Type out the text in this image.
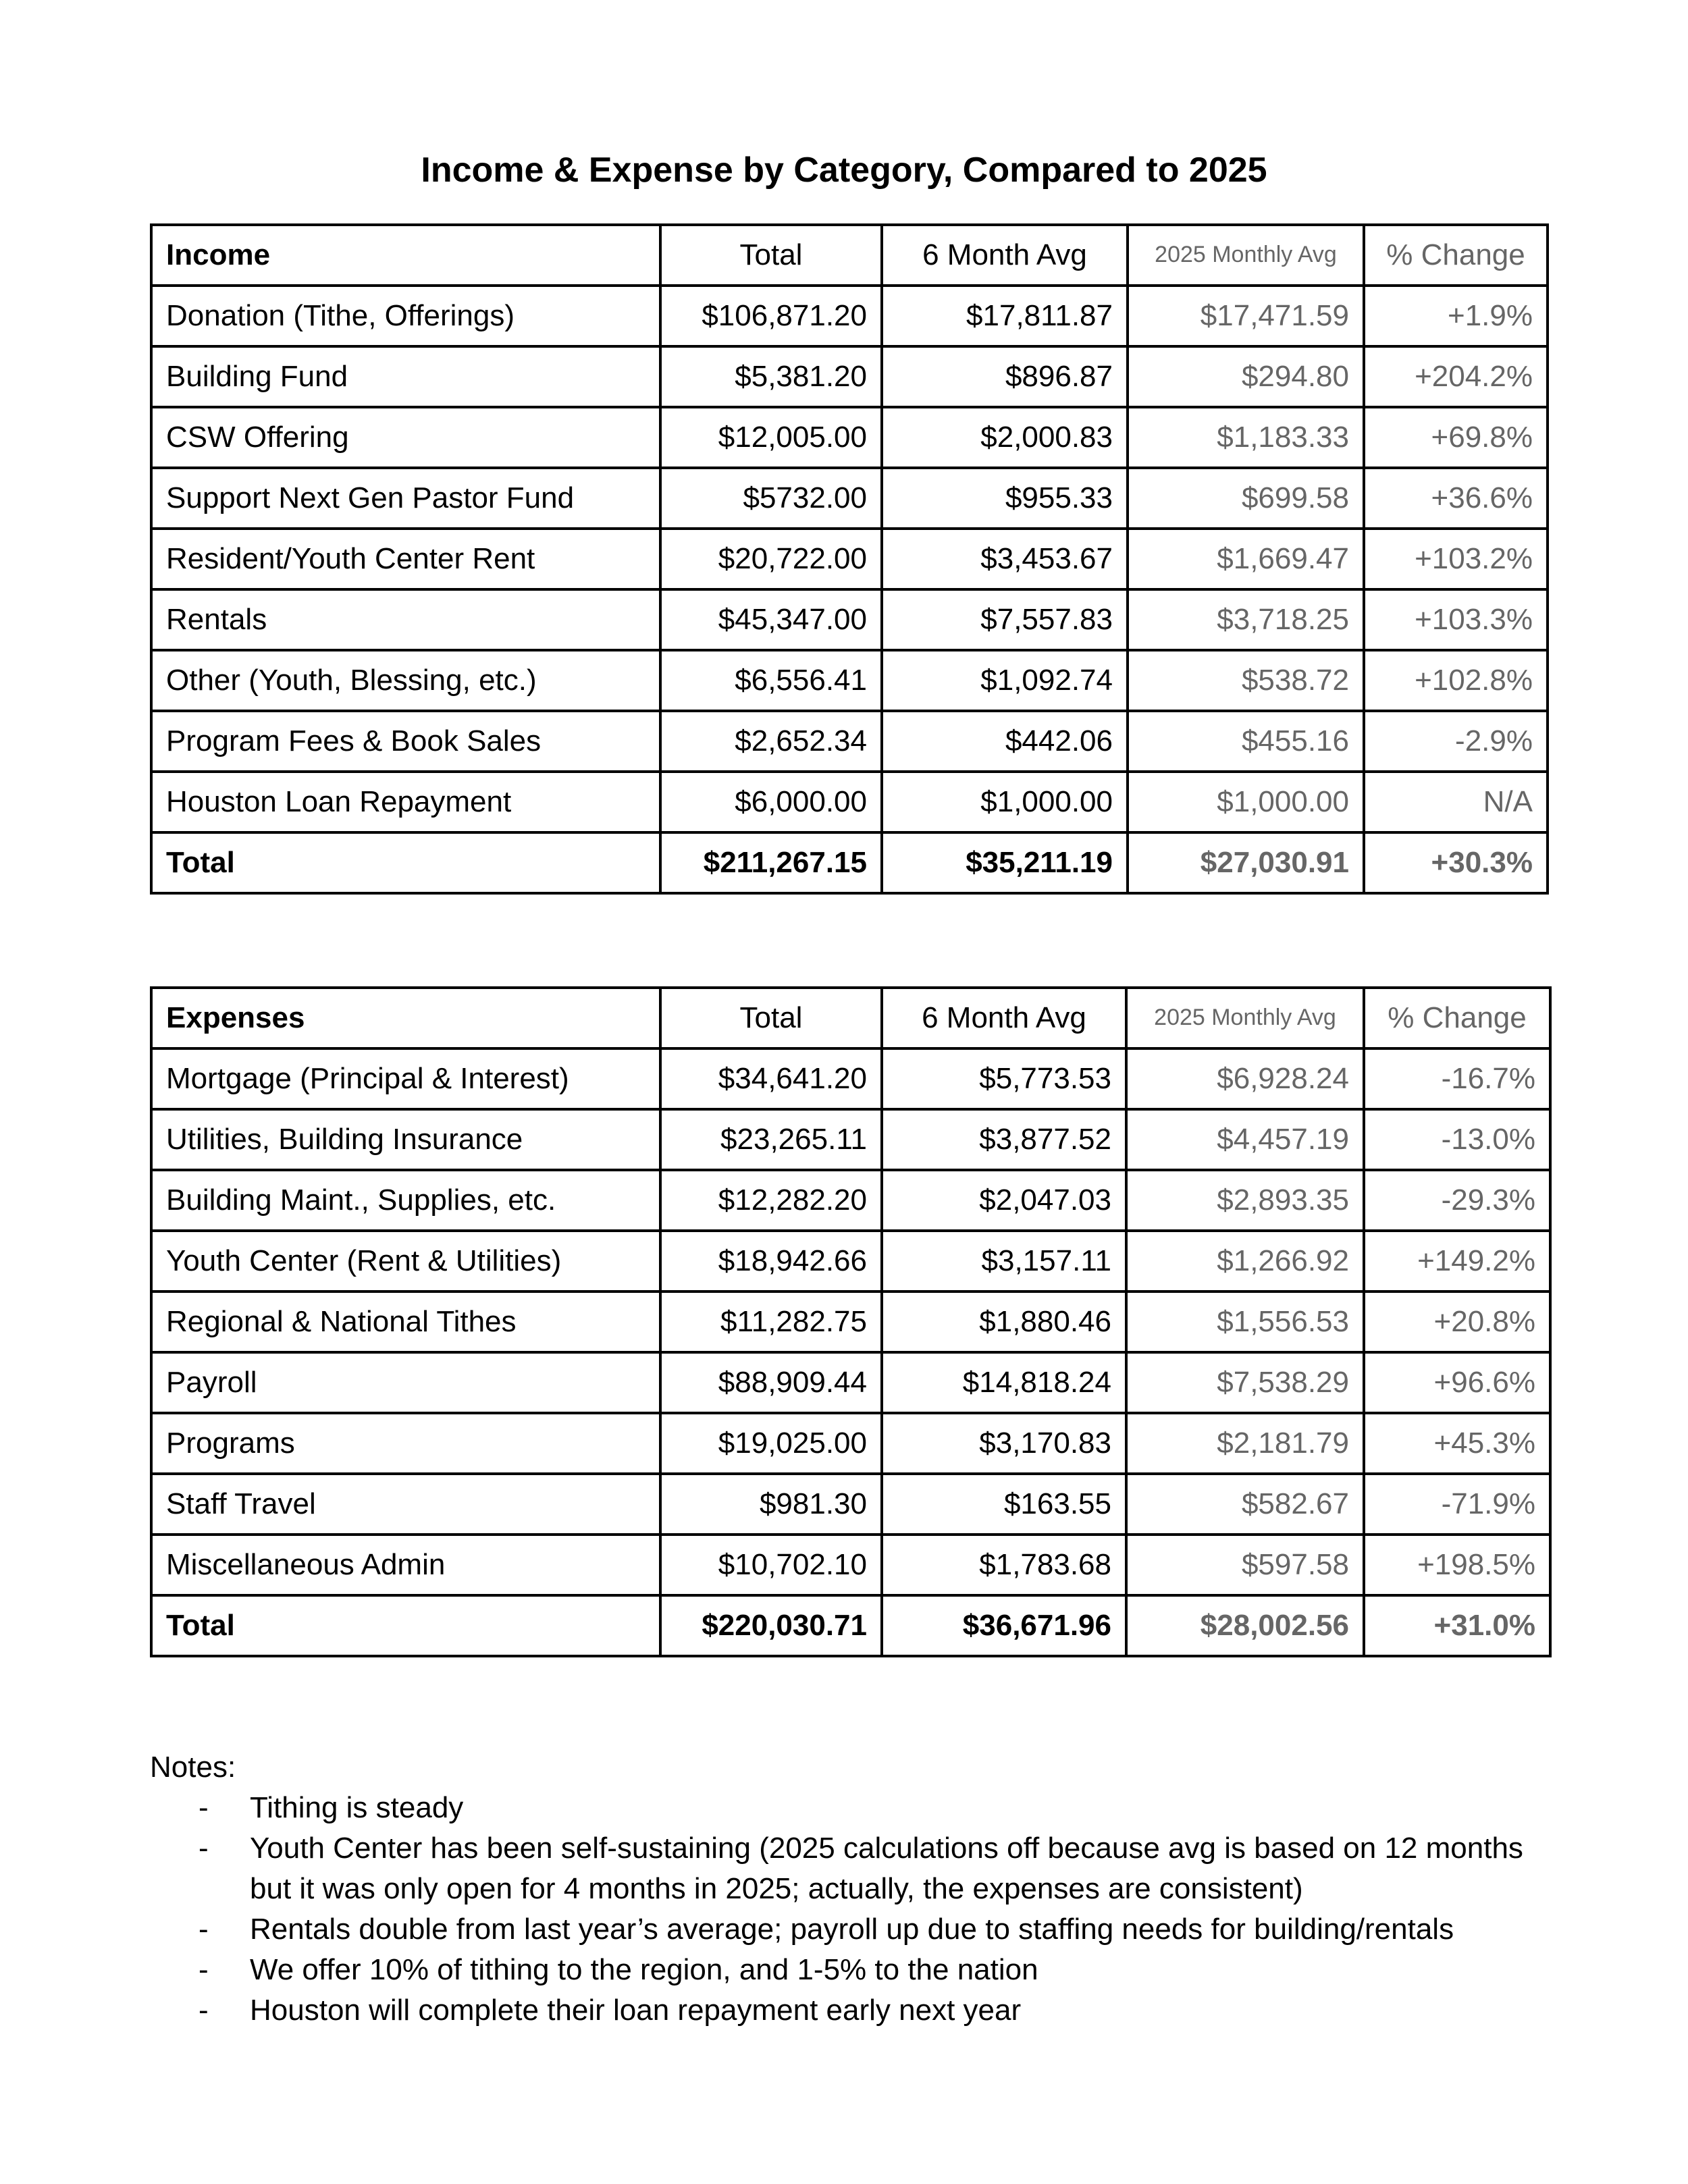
Income & Expense by Category, Compared to 2025
Income	Total	6 Month Avg	2025 Monthly Avg	% Change
Donation (Tithe, Offerings)	$106,871.20	$17,811.87	$17,471.59	+1.9%
Building Fund	$5,381.20	$896.87	$294.80	+204.2%
CSW Offering	$12,005.00	$2,000.83	$1,183.33	+69.8%
Support Next Gen Pastor Fund	$5732.00	$955.33	$699.58	+36.6%
Resident/Youth Center Rent	$20,722.00	$3,453.67	$1,669.47	+103.2%
Rentals	$45,347.00	$7,557.83	$3,718.25	+103.3%
Other (Youth, Blessing, etc.)	$6,556.41	$1,092.74	$538.72	+102.8%
Program Fees & Book Sales	$2,652.34	$442.06	$455.16	-2.9%
Houston Loan Repayment	$6,000.00	$1,000.00	$1,000.00	N/A
Total	$211,267.15	$35,211.19	$27,030.91	+30.3%
Expenses	Total	6 Month Avg	2025 Monthly Avg	% Change
Mortgage (Principal & Interest)	$34,641.20	$5,773.53	$6,928.24	-16.7%
Utilities, Building Insurance	$23,265.11	$3,877.52	$4,457.19	-13.0%
Building Maint., Supplies, etc.	$12,282.20	$2,047.03	$2,893.35	-29.3%
Youth Center (Rent & Utilities)	$18,942.66	$3,157.11	$1,266.92	+149.2%
Regional & National Tithes	$11,282.75	$1,880.46	$1,556.53	+20.8%
Payroll	$88,909.44	$14,818.24	$7,538.29	+96.6%
Programs	$19,025.00	$3,170.83	$2,181.79	+45.3%
Staff Travel	$981.30	$163.55	$582.67	-71.9%
Miscellaneous Admin	$10,702.10	$1,783.68	$597.58	+198.5%
Total	$220,030.71	$36,671.96	$28,002.56	+31.0%
Notes:
- Tithing is steady
- Youth Center has been self-sustaining (2025 calculations off because avg is based on 12 months but it was only open for 4 months in 2025; actually, the expenses are consistent)
- Rentals double from last year’s average; payroll up due to staffing needs for building/rentals
- We offer 10% of tithing to the region, and 1-5% to the nation
- Houston will complete their loan repayment early next year
